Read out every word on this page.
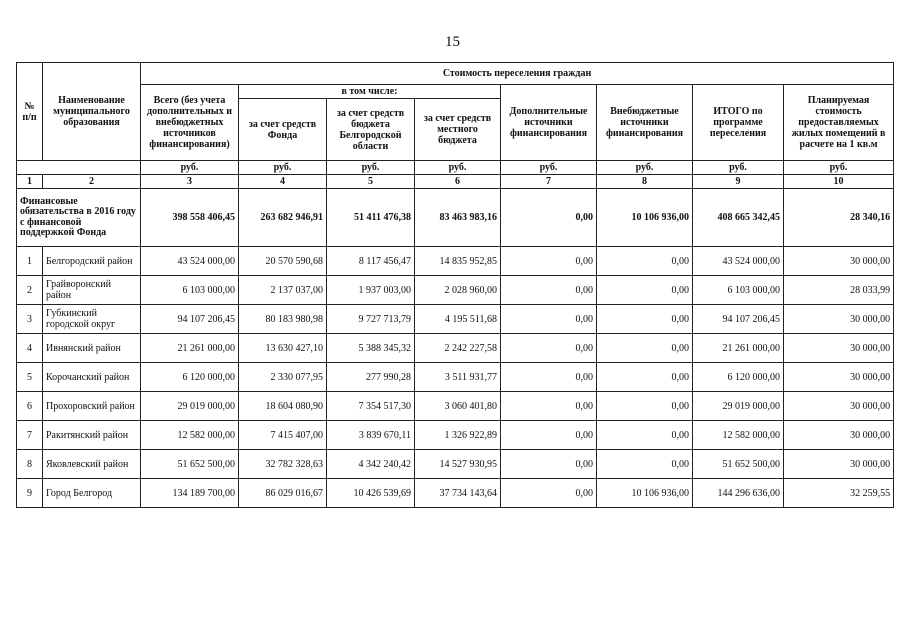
15
№ п/п	Наименование муниципального образования	Стоимость переселения граждан							
		Всего (без учета дополнительных и внебюджетных источников финансирования)	в том числе:			Дополнительные источники финансирования	Внебюджетные источники финансирования	ИТОГО по программе переселения	Планируемая стоимость предоставляемых жилых помещений в расчете на 1 кв.м
			за счет средств Фонда	за счет средств бюджета Белгородской области	за счет средств местного бюджета				
		руб.	руб.	руб.	руб.	руб.	руб.	руб.	руб.
1	2	3	4	5	6	7	8	9	10
Финансовые обязательства в 2016 году с финансовой поддержкой Фонда		398 558 406,45	263 682 946,91	51 411 476,38	83 463 983,16	0,00	10 106 936,00	408 665 342,45	28 340,16
1	Белгородский район	43 524 000,00	20 570 590,68	8 117 456,47	14 835 952,85	0,00	0,00	43 524 000,00	30 000,00
2	Грайворонский район	6 103 000,00	2 137 037,00	1 937 003,00	2 028 960,00	0,00	0,00	6 103 000,00	28 033,99
3	Губкинский городской округ	94 107 206,45	80 183 980,98	9 727 713,79	4 195 511,68	0,00	0,00	94 107 206,45	30 000,00
4	Ивнянский район	21 261 000,00	13 630 427,10	5 388 345,32	2 242 227,58	0,00	0,00	21 261 000,00	30 000,00
5	Корочанский район	6 120 000,00	2 330 077,95	277 990,28	3 511 931,77	0,00	0,00	6 120 000,00	30 000,00
6	Прохоровский район	29 019 000,00	18 604 080,90	7 354 517,30	3 060 401,80	0,00	0,00	29 019 000,00	30 000,00
7	Ракитянский район	12 582 000,00	7 415 407,00	3 839 670,11	1 326 922,89	0,00	0,00	12 582 000,00	30 000,00
8	Яковлевский район	51 652 500,00	32 782 328,63	4 342 240,42	14 527 930,95	0,00	0,00	51 652 500,00	30 000,00
9	Город Белгород	134 189 700,00	86 029 016,67	10 426 539,69	37 734 143,64	0,00	10 106 936,00	144 296 636,00	32 259,55
